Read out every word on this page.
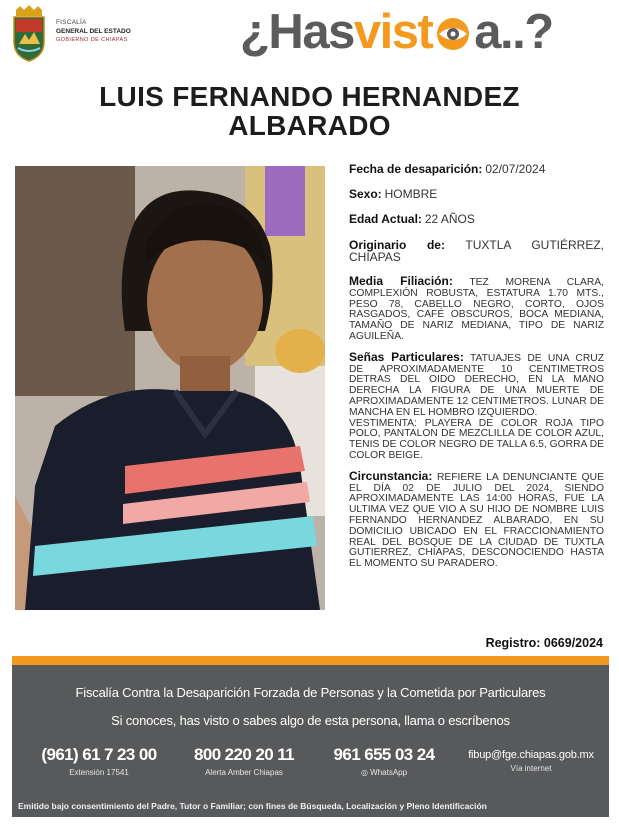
FISCALÍA
GENERAL DEL ESTADO
GOBIERNO DE CHIAPAS	¿Hasvist a..?
LUIS FERNANDO HERNANDEZ
ALBARADO
Fecha de desaparición: 02/07/2024
Sexo: HOMBRE
Edad Actual: 22 AÑOS

Originario de: TUXTLA GUTIÉRREZ, CHIAPAS

Media Filiación: TEZ MORENA CLARA, COMPLEXIÓN ROBUSTA, ESTATURA 1.70 MTS., PESO 78, CABELLO NEGRO, CORTO, OJOS RASGADOS, CAFÉ OBSCUROS, BOCA MEDIANA, TAMAÑO DE NARIZ MEDIANA, TIPO DE NARIZ AGUILEÑA.

Señas Particulares: TATUAJES DE UNA CRUZ DE APROXIMADAMENTE 10 CENTIMETROS DETRAS DEL OIDO DERECHO, EN LA MANO DERECHA LA FIGURA DE UNA MUERTE DE APROXIMADAMENTE 12 CENTIMETROS. LUNAR DE MANCHA EN EL HOMBRO IZQUIERDO.

VESTIMENTA: PLAYERA DE COLOR ROJA TIPO POLO, PANTALON DE MEZCLILLA DE COLOR AZUL, TENIS DE COLOR NEGRO DE TALLA 6.5, GORRA DE COLOR BEIGE.

Circunstancia: REFIERE LA DENUNCIANTE QUE EL DÍA 02 DE JULIO DEL 2024, SIENDO APROXIMADAMENTE LAS 14:00 HORAS, FUE LA ULTIMA VEZ QUE VIO A SU HIJO DE NOMBRE LUIS FERNANDO HERNANDEZ ALBARADO, EN SU DOMICILIO UBICADO EN EL FRACCIONAMIENTO REAL DEL BOSQUE DE LA CIUDAD DE TUXTLA GUTIERREZ, CHIAPAS, DESCONOCIENDO HASTA EL MOMENTO SU PARADERO.

Registro: 0669/2024
Fiscalía Contra la Desaparición Forzada de Personas y la Cometida por Particulares
Si conoces, has visto o sabes algo de esta persona, llama o escríbenos
(961) 61 7 23 00
Extensión 17541
800 220 20 11
Alerta Amber Chiapas
961 655 03 24
◎ WhatsApp
fibup@fge.chiapas.gob.mx
Vía internet
Emitido bajo consentimiento del Padre, Tutor o Familiar; con fines de Búsqueda, Localización y Pleno Identificación
